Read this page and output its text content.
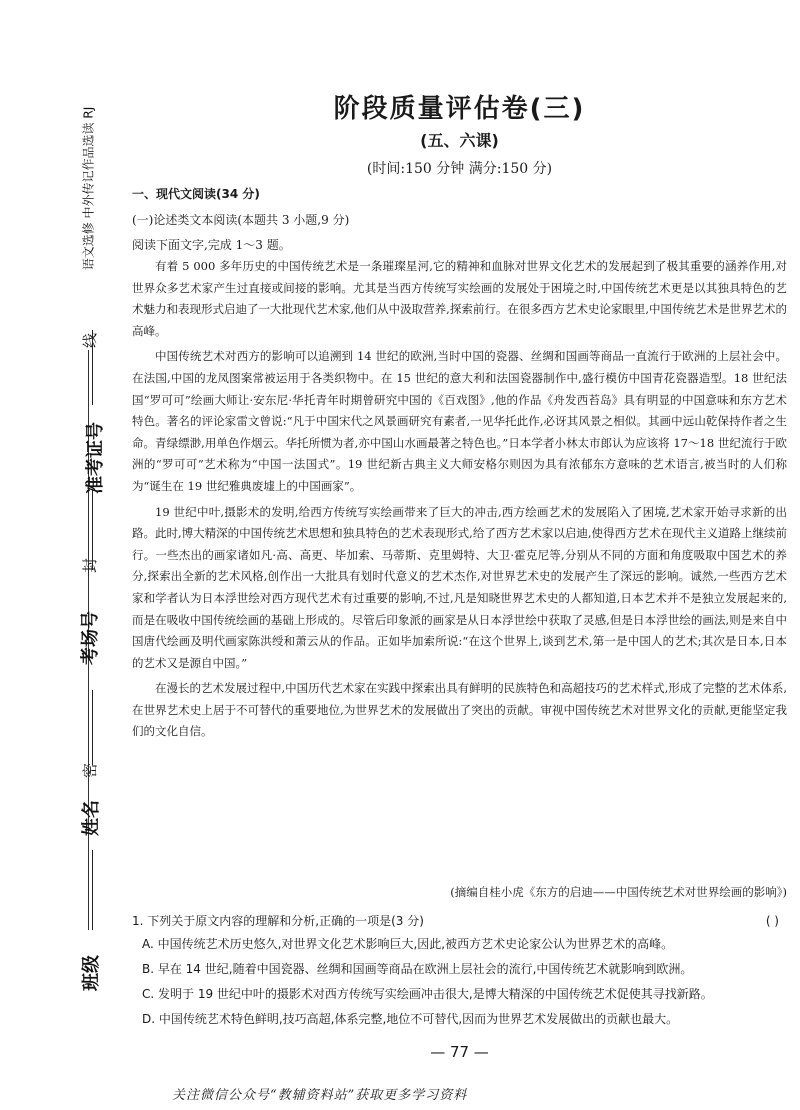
语文选修 中外传记作品选读 RJ
线
封
密
准考证号
考场号
姓名
班级
阶段质量评估卷(三)
(五、六课)
(时间:150 分钟 满分:150 分)
一、现代文阅读(34 分)
(一)论述类文本阅读(本题共 3 小题,9 分)
阅读下面文字,完成 1～3 题。

有着 5 000 多年历史的中国传统艺术是一条璀璨星河,它的精神和血脉对世界文化艺术的发展起到了极其重要的涵养作用,对世界众多艺术家产生过直接或间接的影响。尤其是当西方传统写实绘画的发展处于困境之时,中国传统艺术更是以其独具特色的艺术魅力和表现形式启迪了一大批现代艺术家,他们从中汲取营养,探索前行。在很多西方艺术史论家眼里,中国传统艺术是世界艺术的高峰。

中国传统艺术对西方的影响可以追溯到 14 世纪的欧洲,当时中国的瓷器、丝绸和国画等商品一直流行于欧洲的上层社会中。在法国,中国的龙凤图案常被运用于各类织物中。在 15 世纪的意大利和法国瓷器制作中,盛行模仿中国青花瓷器造型。18 世纪法国“罗可可”绘画大师让·安东尼·华托青年时期曾研究中国的《百戏图》,他的作品《舟发西苔岛》具有明显的中国意味和东方艺术特色。著名的评论家雷文曾说:“凡于中国宋代之风景画研究有素者,一见华托此作,必讶其风景之相似。其画中远山乾保持作者之生命。青绿缥渺,用单色作烟云。华托所惯为者,亦中国山水画最著之特色也。”日本学者小林太市郎认为应该将 17～18 世纪流行于欧洲的“罗可可”艺术称为“中国一法国式”。19 世纪新古典主义大师安格尔则因为具有浓郁东方意味的艺术语言,被当时的人们称为“诞生在 19 世纪雅典废墟上的中国画家”。

19 世纪中叶,摄影术的发明,给西方传统写实绘画带来了巨大的冲击,西方绘画艺术的发展陷入了困境,艺术家开始寻求新的出路。此时,博大精深的中国传统艺术思想和独具特色的艺术表现形式,给了西方艺术家以启迪,使得西方艺术在现代主义道路上继续前行。一些杰出的画家诸如凡·高、高更、毕加索、马蒂斯、克里姆特、大卫·霍克尼等,分别从不同的方面和角度吸取中国艺术的养分,探索出全新的艺术风格,创作出一大批具有划时代意义的艺术杰作,对世界艺术史的发展产生了深远的影响。诚然,一些西方艺术家和学者认为日本浮世绘对西方现代艺术有过重要的影响,不过,凡是知晓世界艺术史的人都知道,日本艺术并不是独立发展起来的,而是在吸收中国传统绘画的基础上形成的。尽管后印象派的画家是从日本浮世绘中获取了灵感,但是日本浮世绘的画法,则是来自中国唐代绘画及明代画家陈洪绶和萧云从的作品。正如毕加索所说:“在这个世界上,谈到艺术,第一是中国人的艺术;其次是日本,日本的艺术又是源自中国。”

在漫长的艺术发展过程中,中国历代艺术家在实践中探索出具有鲜明的民族特色和高超技巧的艺术样式,形成了完整的艺术体系,在世界艺术史上居于不可替代的重要地位,为世界艺术的发展做出了突出的贡献。审视中国传统艺术对世界文化的贡献,更能坚定我们的文化自信。

(摘编自桂小虎《东方的启迪——中国传统艺术对世界绘画的影响》)
1. 下列关于原文内容的理解和分析,正确的一项是(3 分)	( )
A. 中国传统艺术历史悠久,对世界文化艺术影响巨大,因此,被西方艺术史论家公认为世界艺术的高峰。
B. 早在 14 世纪,随着中国瓷器、丝绸和国画等商品在欧洲上层社会的流行,中国传统艺术就影响到欧洲。
C. 发明于 19 世纪中叶的摄影术对西方传统写实绘画冲击很大,是博大精深的中国传统艺术促使其寻找新路。
D. 中国传统艺术特色鲜明,技巧高超,体系完整,地位不可替代,因而为世界艺术发展做出的贡献也最大。
— 77 —
关注微信公众号“教辅资料站”获取更多学习资料
